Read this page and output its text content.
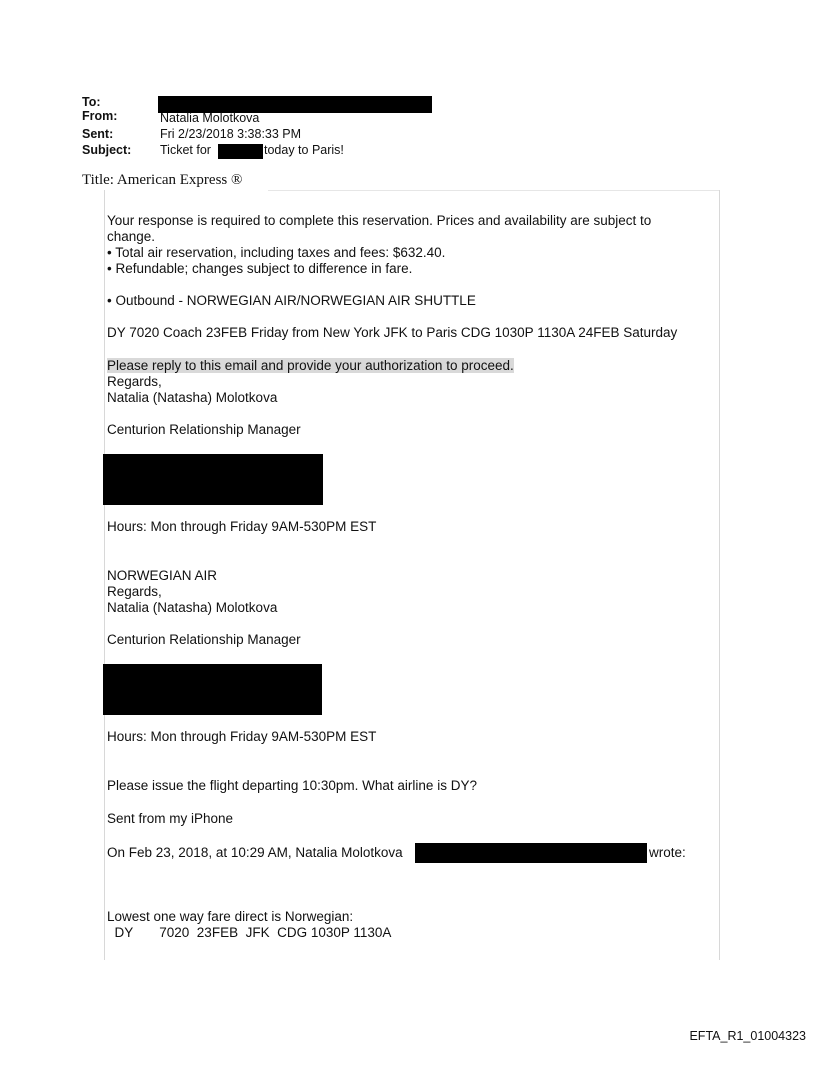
To:
From:	Natalia Molotkova
Sent:	Fri 2/23/2018 3:38:33 PM
Subject: Ticket for	today to Paris!
Title: American Express ®
Your response is required to complete this reservation. Prices and availability are subject to
change.
• Total air reservation, including taxes and fees: $632.40.
• Refundable; changes subject to difference in fare.
• Outbound - NORWEGIAN AIR/NORWEGIAN AIR SHUTTLE
DY 7020 Coach 23FEB Friday from New York JFK to Paris CDG 1030P 1130A 24FEB Saturday
Please reply to this email and provide your authorization to proceed.
Regards,
Natalia (Natasha) Molotkova
Centurion Relationship Manager
Hours: Mon through Friday 9AM-530PM EST
NORWEGIAN AIR
Regards,
Natalia (Natasha) Molotkova
Centurion Relationship Manager
Hours: Mon through Friday 9AM-530PM EST
Please issue the flight departing 10:30pm. What airline is DY?
Sent from my iPhone
On Feb 23, 2018, at 10:29 AM, Natalia Molotkova	wrote:
Lowest one way fare direct is Norwegian:
DY       7020  23FEB  JFK  CDG 1030P 1130A
EFTA_R1_01004323
